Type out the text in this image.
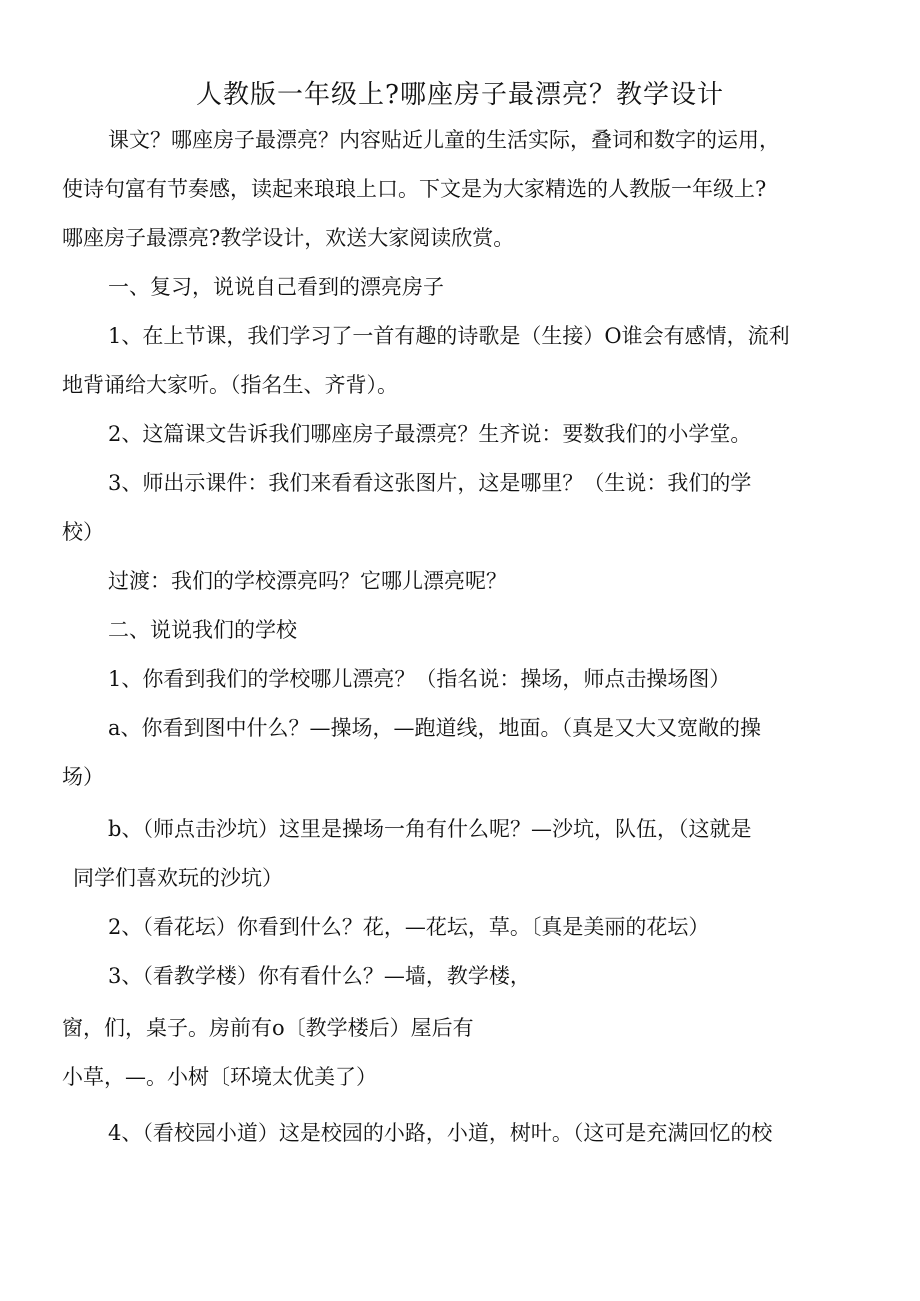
人教版一年级上?哪座房子最漂亮？教学设计

课文？哪座房子最漂亮？内容贴近儿童的生活实际，叠词和数字的运用，

使诗句富有节奏感，读起来琅琅上口。下文是为大家精选的人教版一年级上?

哪座房子最漂亮?教学设计，欢送大家阅读欣赏。

一、复习，说说自己看到的漂亮房子

1、在上节课，我们学习了一首有趣的诗歌是（生接）O谁会有感情，流利

地背诵给大家听。（指名生、齐背）。

2、这篇课文告诉我们哪座房子最漂亮？生齐说：要数我们的小学堂。

3、师出示课件：我们来看看这张图片，这是哪里？（生说：我们的学

校）

过渡：我们的学校漂亮吗？它哪儿漂亮呢？

二、说说我们的学校

1、你看到我们的学校哪儿漂亮？（指名说：操场，师点击操场图）

a、你看到图中什么？—操场，—跑道线，地面。（真是又大又宽敞的操

场）

b、（师点击沙坑）这里是操场一角有什么呢？—沙坑，队伍，（这就是

同学们喜欢玩的沙坑）

2、（看花坛）你看到什么？花，—花坛，草。〔真是美丽的花坛）

3、（看教学楼）你有看什么？—墙，教学楼，

窗，们，桌子。房前有o〔教学楼后）屋后有

小草，—。小树〔环境太优美了）

4、（看校园小道）这是校园的小路，小道，树叶。（这可是充满回忆的校
